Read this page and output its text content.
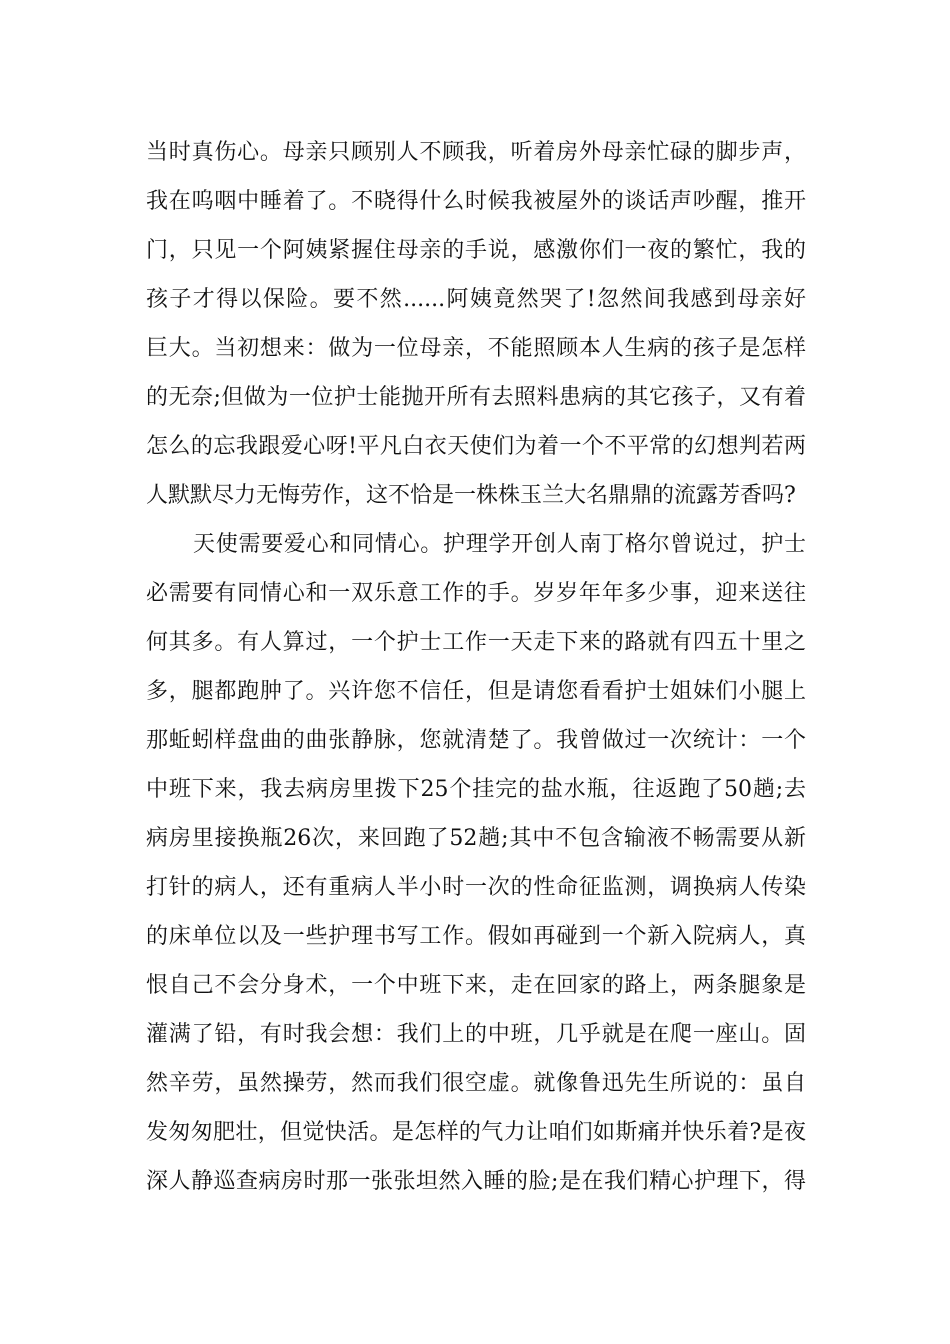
当时真伤心。母亲只顾别人不顾我，听着房外母亲忙碌的脚步声，
我在呜咽中睡着了。不晓得什么时候我被屋外的谈话声吵醒，推开
门，只见一个阿姨紧握住母亲的手说，感激你们一夜的繁忙，我的
孩子才得以保险。要不然......阿姨竟然哭了!忽然间我感到母亲好
巨大。当初想来：做为一位母亲，不能照顾本人生病的孩子是怎样
的无奈;但做为一位护士能抛开所有去照料患病的其它孩子，又有着
怎么的忘我跟爱心呀!平凡白衣天使们为着一个不平常的幻想判若两
人默默尽力无悔劳作，这不恰是一株株玉兰大名鼎鼎的流露芳香吗?
天使需要爱心和同情心。护理学开创人南丁格尔曾说过，护士
必需要有同情心和一双乐意工作的手。岁岁年年多少事，迎来送往
何其多。有人算过，一个护士工作一天走下来的路就有四五十里之
多，腿都跑肿了。兴许您不信任，但是请您看看护士姐妹们小腿上
那蚯蚓样盘曲的曲张静脉，您就清楚了。我曾做过一次统计：一个
中班下来，我去病房里拨下25个挂完的盐水瓶，往返跑了50趟;去
病房里接换瓶26次，来回跑了52趟;其中不包含输液不畅需要从新
打针的病人，还有重病人半小时一次的性命征监测，调换病人传染
的床单位以及一些护理书写工作。假如再碰到一个新入院病人，真
恨自己不会分身术，一个中班下来，走在回家的路上，两条腿象是
灌满了铅，有时我会想：我们上的中班，几乎就是在爬一座山。固
然辛劳，虽然操劳，然而我们很空虚。就像鲁迅先生所说的：虽自
发匆匆肥壮，但觉快活。是怎样的气力让咱们如斯痛并快乐着?是夜
深人静巡查病房时那一张张坦然入睡的脸;是在我们精心护理下，得
